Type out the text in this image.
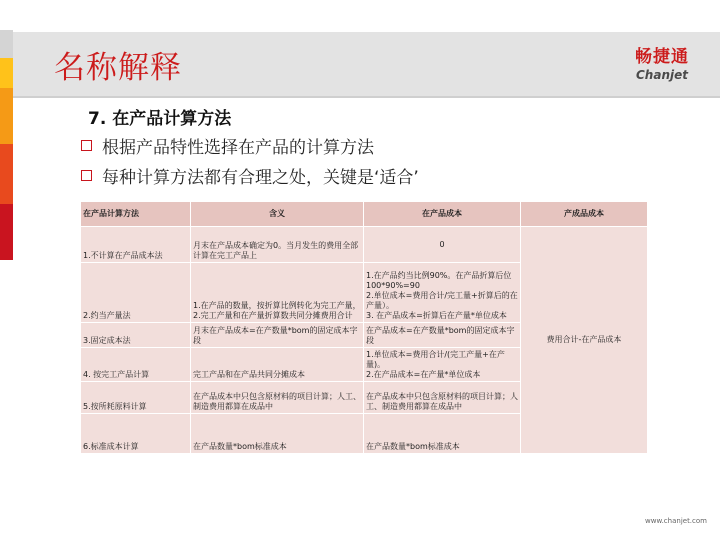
名称解释	畅捷通
Chanjet
7. 在产品计算方法
根据产品特性选择在产品的计算方法
每种计算方法都有合理之处，关键是‘适合’
在产品计算方法	含义	在产品成本	产成品成本
1.不计算在产品成本法	月末在产品成本确定为0。当月发生的费用全部计算在完工产品上	0	费用合计-在产品成本
2.约当产量法	1.在产品的数量，按折算比例转化为完工产量， 2.完工产量和在产量折算数共同分摊费用合计	1.在产品约当比例90%。在产品折算后位100*90%=90
2.单位成本=费用合计/完工量+折算后的在产量）。
3. 在产品成本=折算后在产量*单位成本	
3.固定成本法	月末在产品成本=在产数量*bom的固定成本字段	在产品成本=在产数量*bom的固定成本字段	
4. 按完工产品计算	完工产品和在产品共同分摊成本	1.单位成本=费用合计/(完工产量+在产量)。
2.在产品成本=在产量*单位成本	
5.按所耗原料计算	在产品成本中只包含原材料的项目计算；人工、制造费用都算在成品中	在产品成本中只包含原材料的项目计算；人工、制造费用都算在成品中	
6.标准成本计算	在产品数量*bom标准成本	在产品数量*bom标准成本	
www.chanjet.com
